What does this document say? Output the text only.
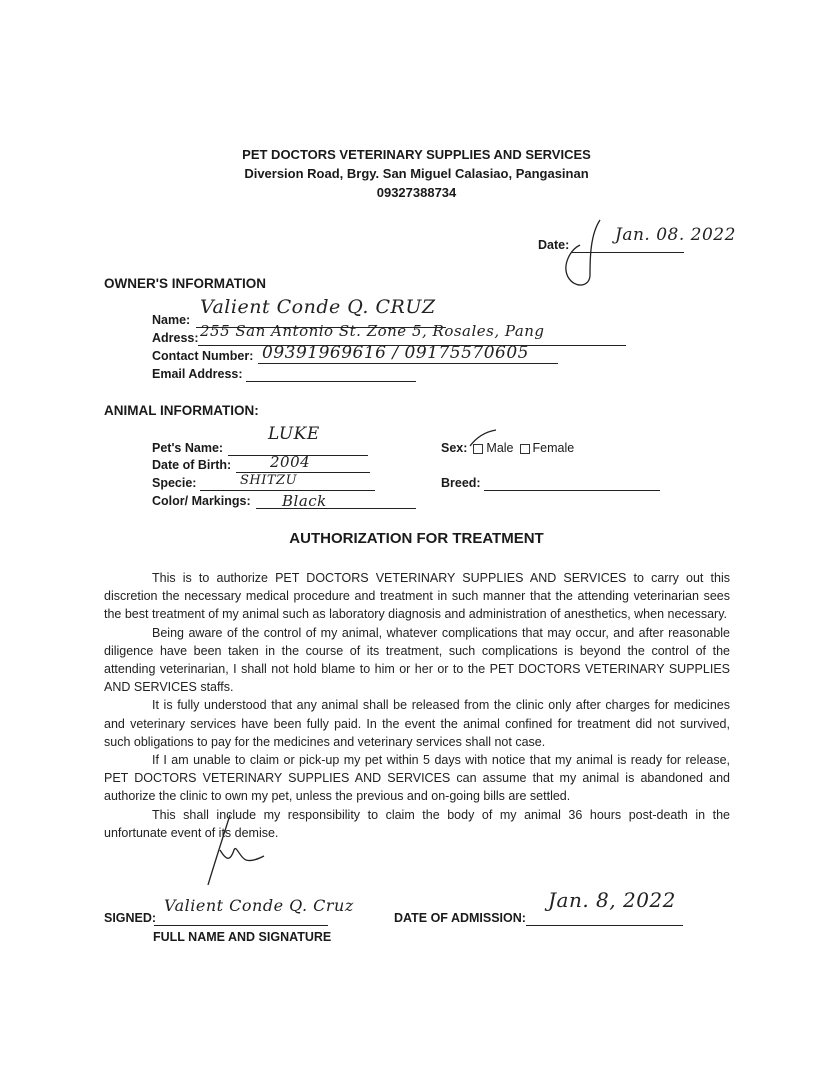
PET DOCTORS VETERINARY SUPPLIES AND SERVICES
Diversion Road, Brgy. San Miguel Calasiao, Pangasinan
09327388734
Date:	Jan. 08. 2022
OWNER'S INFORMATION
Name:
Valient Conde Q. CRUZ
Adress: 255 San Antonio St. Zone 5, Rosales, Pang
Contact Number: 09391969616 / 09175570605
Email Address:
ANIMAL INFORMATION:
Pet's Name:
LUKE
Date of Birth:	2004
Specie:	SHITZU
Color/ Markings: Black
Sex: Male Female
Breed:
AUTHORIZATION FOR TREATMENT

This is to authorize PET DOCTORS VETERINARY SUPPLIES AND SERVICES to carry out this discretion the necessary medical procedure and treatment in such manner that the attending veterinarian sees the best treatment of my animal such as laboratory diagnosis and administration of anesthetics, when necessary.

Being aware of the control of my animal, whatever complications that may occur, and after reasonable diligence have been taken in the course of its treatment, such complications is beyond the control of the attending veterinarian, I shall not hold blame to him or her or to the PET DOCTORS VETERINARY SUPPLIES AND SERVICES staffs.

It is fully understood that any animal shall be released from the clinic only after charges for medicines and veterinary services have been fully paid. In the event the animal confined for treatment did not survived, such obligations to pay for the medicines and veterinary services shall not case.

If I am unable to claim or pick-up my pet within 5 days with notice that my animal is ready for release, PET DOCTORS VETERINARY SUPPLIES AND SERVICES can assume that my animal is abandoned and authorize the clinic to own my pet, unless the previous and on-going bills are settled.

This shall include my responsibility to claim the body of my animal 36 hours post-death in the unfortunate event of its demise.

SIGNED:
Valient Conde Q. Cruz
FULL NAME AND SIGNATURE
DATE OF ADMISSION:
Jan. 8, 2022
